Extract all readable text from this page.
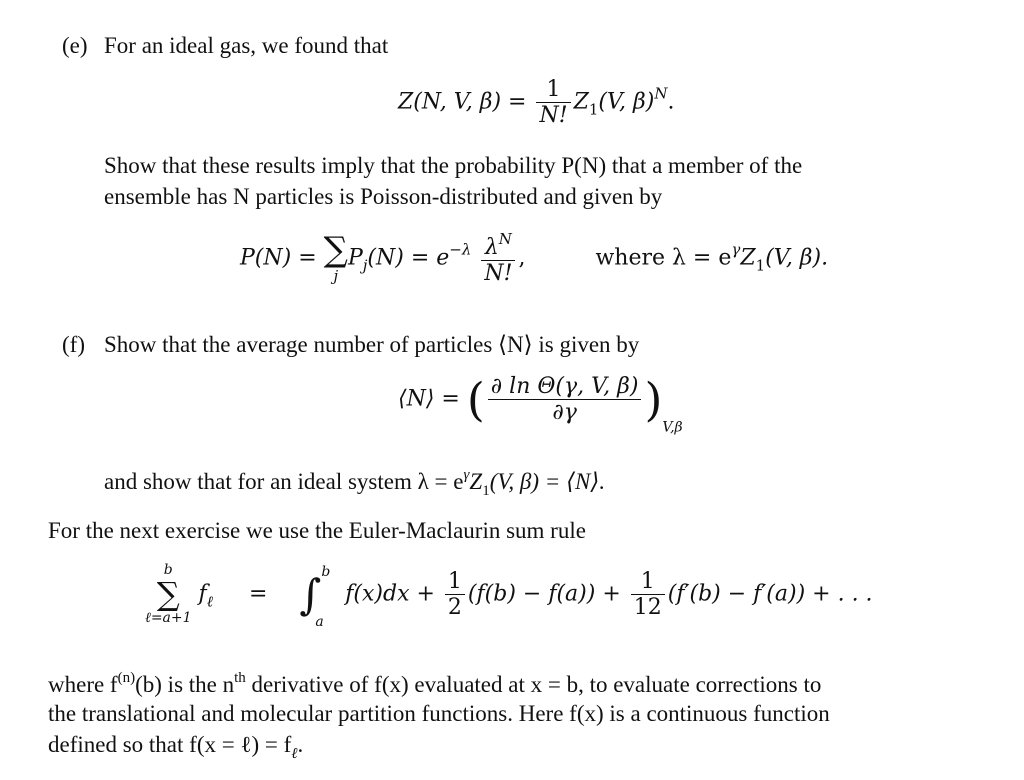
(e) For an ideal gas, we found that
Z(N, V, $\beta) = \frac{1}{N!} Z_1(V$, β)$^N$.
Show that these results imply that the probability P(N) that a member of the
ensemble has N particles is Poisson-distributed and given by
P(N) = ∑
j
$P_j(N) = e^{-\lambda} \frac{\lambda^N}{N!}$ ,	where $\lambda = e^\gamma Z_1(V$, β).
(f) Show that the average number of particles ⟨N⟩ is given by
⟨N⟩ = ( $\frac{\text{∂ ln Θ(γ, V, β)}}{\partial\gamma} )_{V,\beta}$
and show that for an ideal system $\lambda = e^\gamma Z_1(V$, β) = ⟨N⟩.
For the next exercise we use the Euler-Maclaurin sum rule
b
∑
ℓ=a+1
$f_\ell$ = ∫ b
a
$f(x)dx + \frac{1}{2} (f(b) - f(a)) + \frac{1}{12} (f'(b) - f'(a))$ + . . .
where $f^{(n)}(b)$ is the $n^{th}$ derivative of f(x) evaluated at x = b, to evaluate corrections to
the translational and molecular partition functions. Here f(x) is a continuous function
defined so that f(x = ℓ) = $f_\ell$.
